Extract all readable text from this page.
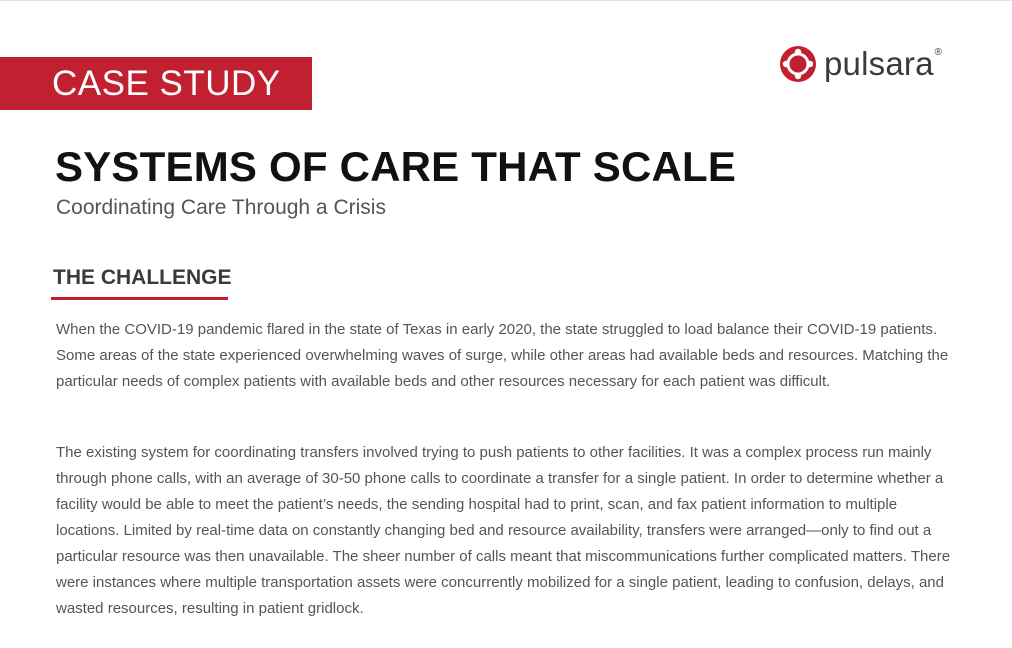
CASE STUDY	pulsara ®
SYSTEMS OF CARE THAT SCALE
Coordinating Care Through a Crisis
THE CHALLENGE

When the COVID-19 pandemic flared in the state of Texas in early 2020, the state struggled to load balance their COVID-19 patients. Some areas of the state experienced overwhelming waves of surge, while other areas had available beds and resources. Matching the particular needs of complex patients with available beds and other resources necessary for each patient was difficult.

The existing system for coordinating transfers involved trying to push patients to other facilities. It was a complex process run mainly through phone calls, with an average of 30-50 phone calls to coordinate a transfer for a single patient. In order to determine whether a facility would be able to meet the patient’s needs, the sending hospital had to print, scan, and fax patient information to multiple locations. Limited by real-time data on constantly changing bed and resource availability, transfers were arranged—only to find out a particular resource was then unavailable. The sheer number of calls meant that miscommunications further complicated matters. There were instances where multiple transportation assets were concurrently mobilized for a single patient, leading to confusion, delays, and wasted resources, resulting in patient gridlock.
